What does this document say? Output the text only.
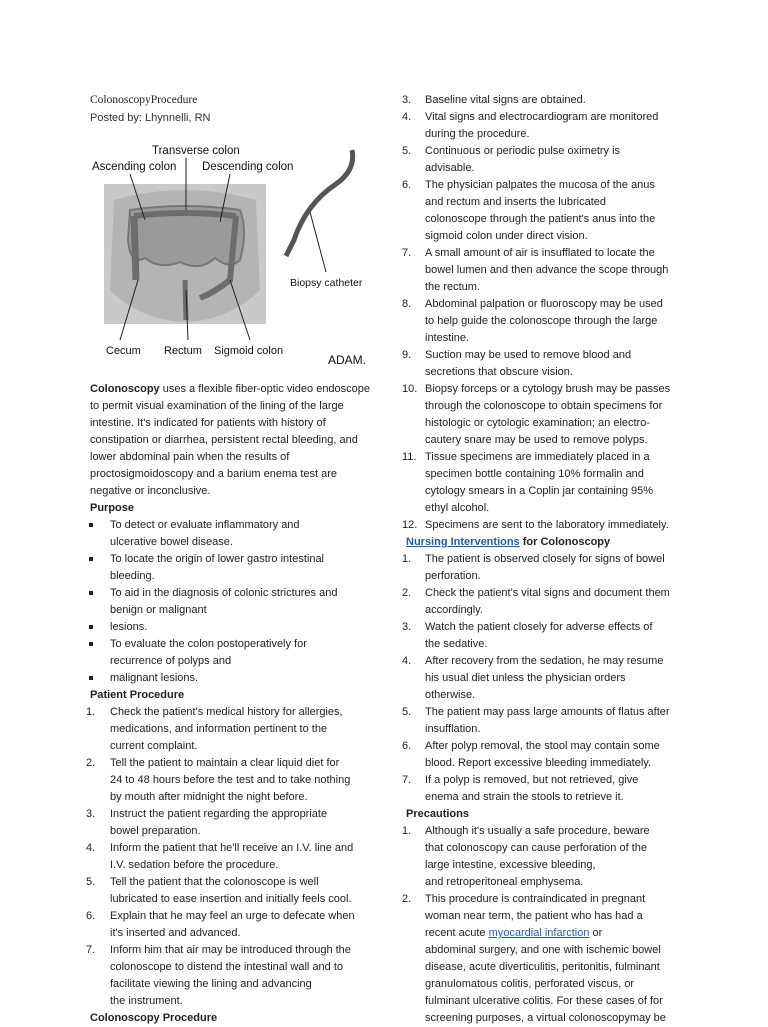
ColonoscopyProcedure
Posted by: Lhynnelli, RN
Transverse colon
Ascending colon Descending colon
Biopsy catheter
Cecum Rectum Sigmoid colon
ADAM.
Colonoscopy uses a flexible fiber-optic video endoscope to permit visual examination of the lining of the large intestine. It's indicated for patients with history of constipation or diarrhea, persistent rectal bleeding, and lower abdominal pain when the results of proctosigmoidoscopy and a barium enema test are negative or inconclusive.
Purpose
To detect or evaluate inflammatory and
ulcerative bowel disease.
To locate the origin of lower gastro intestinal
bleeding.
To aid in the diagnosis of colonic strictures and
benign or malignant
lesions.
To evaluate the colon postoperatively for
recurrence of polyps and
malignant lesions.
Patient Procedure
1. Check the patient's medical history for allergies,
medications, and information pertinent to the
current complaint.
2. Tell the patient to maintain a clear liquid diet for
24 to 48 hours before the test and to take nothing
by mouth after midnight the night before.
3. Instruct the patient regarding the appropriate
bowel preparation.
4. Inform the patient that he'll receive an I.V. line and
I.V. sedation before the procedure.
5. Tell the patient that the colonoscope is well
lubricated to ease insertion and initially feels cool.
6. Explain that he may feel an urge to defecate when
it's inserted and advanced.
7. Inform him that air may be introduced through the
colonoscope to distend the intestinal wall and to
facilitate viewing the lining and advancing
the instrument.
Colonoscopy Procedure
3. Baseline vital signs are obtained.
4. Vital signs and electrocardiogram are monitored
during the procedure.
5. Continuous or periodic pulse oximetry is
advisable.
6. The physician palpates the mucosa of the anus
and rectum and inserts the lubricated
colonoscope through the patient's anus into the
sigmoid colon under direct vision.
7. A small amount of air is insufflated to locate the
bowel lumen and then advance the scope through
the rectum.
8. Abdominal palpation or fluoroscopy may be used
to help guide the colonoscope through the large
intestine.
9. Suction may be used to remove blood and
secretions that obscure vision.
10. Biopsy forceps or a cytology brush may be passes
through the colonoscope to obtain specimens for
histologic or cytologic examination; an electro-
cautery snare may be used to remove polyps.
11. Tissue specimens are immediately placed in a
specimen bottle containing 10% formalin and
cytology smears in a Coplin jar containing 95%
ethyl alcohol.
12. Specimens are sent to the laboratory immediately.
Nursing Interventions for Colonoscopy
1. The patient is observed closely for signs of bowel
perforation.
2. Check the patient's vital signs and document them
accordingly.
3. Watch the patient closely for adverse effects of
the sedative.
4. After recovery from the sedation, he may resume
his usual diet unless the physician orders
otherwise.
5. The patient may pass large amounts of flatus after
insufflation.
6. After polyp removal, the stool may contain some
blood. Report excessive bleeding immediately.
7. If a polyp is removed, but not retrieved, give
enema and strain the stools to retrieve it.
Precautions
1. Although it's usually a safe procedure, beware
that colonoscopy can cause perforation of the
large intestine, excessive bleeding,
and retroperitoneal emphysema.
2. This procedure is contraindicated in pregnant
woman near term, the patient who has had a
recent acute myocardial infarction or
abdominal surgery, and one with ischemic bowel
disease, acute diverticulitis, peritonitis, fulminant
granulomatous colitis, perforated viscus, or
fulminant ulcerative colitis. For these cases of for
screening purposes, a virtual colonoscopymay be
